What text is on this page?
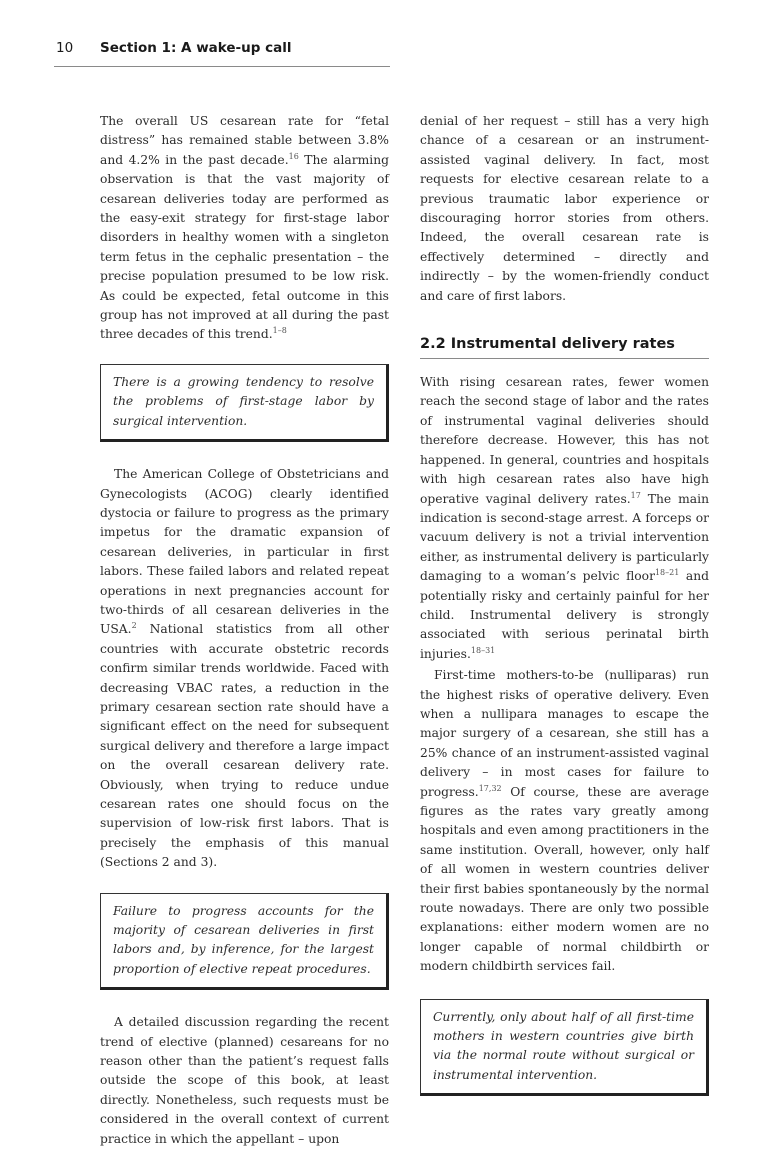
10 Section 1: A wake-up call

The overall US cesarean rate for “fetal distress” has remained stable between 3.8% and 4.2% in the past decade.$^{16}$ The alarming observation is that the vast majority of cesarean deliveries today are performed as the easy-exit strategy for first-stage labor disorders in healthy women with a singleton term fetus in the cephalic presentation – the precise population presumed to be low risk. As could be expected, fetal outcome in this group has not improved at all during the past three decades of this trend.$^{1-8}$

There is a growing tendency to resolve the problems of first-stage labor by surgical intervention.

The American College of Obstetricians and Gynecologists (ACOG) clearly identified dystocia or failure to progress as the primary impetus for the dramatic expansion of cesarean deliveries, in particular in first labors. These failed labors and related repeat operations in next pregnancies account for two-thirds of all cesarean deliveries in the USA.$^2$ National statistics from all other countries with accurate obstetric records confirm similar trends worldwide. Faced with decreasing VBAC rates, a reduction in the primary cesarean section rate should have a significant effect on the need for subsequent surgical delivery and therefore a large impact on the overall cesarean delivery rate. Obviously, when trying to reduce undue cesarean rates one should focus on the supervision of low-risk first labors. That is precisely the emphasis of this manual (Sections 2 and 3).

Failure to progress accounts for the majority of cesarean deliveries in first labors and, by inference, for the largest proportion of elective repeat procedures.

A detailed discussion regarding the recent trend of elective (planned) cesareans for no reason other than the patient’s request falls outside the scope of this book, at least directly. Nonetheless, such requests must be considered in the overall context of current practice in which the appellant – upon

denial of her request – still has a very high chance of a cesarean or an instrument-assisted vaginal delivery. In fact, most requests for elective cesarean relate to a previous traumatic labor experience or discouraging horror stories from others. Indeed, the overall cesarean rate is effectively determined – directly and indirectly – by the women-friendly conduct and care of first labors.

2.2 Instrumental delivery rates

With rising cesarean rates, fewer women reach the second stage of labor and the rates of instrumental vaginal deliveries should therefore decrease. However, this has not happened. In general, countries and hospitals with high cesarean rates also have high operative vaginal delivery rates.$^{17}$ The main indication is second-stage arrest. A forceps or vacuum delivery is not a trivial intervention either, as instrumental delivery is particularly damaging to a woman’s pelvic floor$^{18-21}$ and potentially risky and certainly painful for her child. Instrumental delivery is strongly associated with serious perinatal birth injuries.$^{18-31}$

First-time mothers-to-be (nulliparas) run the highest risks of operative delivery. Even when a nullipara manages to escape the major surgery of a cesarean, she still has a 25% chance of an instrument-assisted vaginal delivery – in most cases for failure to progress.$^{17,32}$ Of course, these are average figures as the rates vary greatly among hospitals and even among practitioners in the same institution. Overall, however, only half of all women in western countries deliver their first babies spontaneously by the normal route nowadays. There are only two possible explanations: either modern women are no longer capable of normal childbirth or modern childbirth services fail.

Currently, only about half of all first-time mothers in western countries give birth via the normal route without surgical or instrumental intervention.
